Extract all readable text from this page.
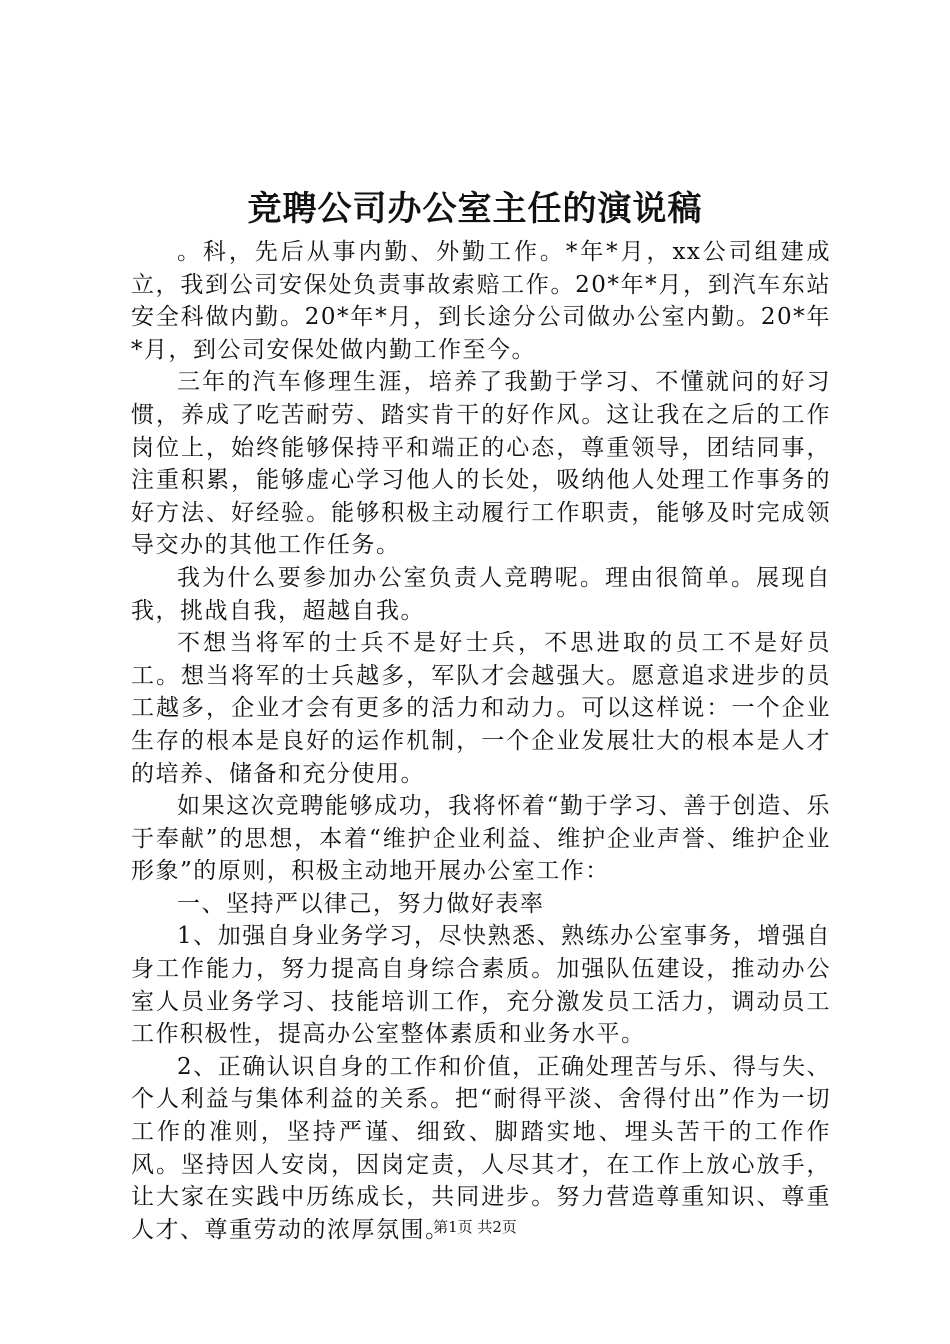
竞聘公司办公室主任的演说稿

。科，先后从事内勤、外勤工作。*年*月，xx公司组建成立，我到公司安保处负责事故索赔工作。20*年*月，到汽车东站安全科做内勤。20*年*月，到长途分公司做办公室内勤。20*年*月，到公司安保处做内勤工作至今。

三年的汽车修理生涯，培养了我勤于学习、不懂就问的好习惯，养成了吃苦耐劳、踏实肯干的好作风。这让我在之后的工作岗位上，始终能够保持平和端正的心态，尊重领导，团结同事，注重积累，能够虚心学习他人的长处，吸纳他人处理工作事务的好方法、好经验。能够积极主动履行工作职责，能够及时完成领导交办的其他工作任务。

我为什么要参加办公室负责人竞聘呢。理由很简单。展现自我，挑战自我，超越自我。

不想当将军的士兵不是好士兵，不思进取的员工不是好员工。想当将军的士兵越多，军队才会越强大。愿意追求进步的员工越多，企业才会有更多的活力和动力。可以这样说：一个企业生存的根本是良好的运作机制，一个企业发展壮大的根本是人才的培养、储备和充分使用。

如果这次竞聘能够成功，我将怀着“勤于学习、善于创造、乐于奉献”的思想，本着“维护企业利益、维护企业声誉、维护企业形象”的原则，积极主动地开展办公室工作：

一、坚持严以律己，努力做好表率

1、加强自身业务学习，尽快熟悉、熟练办公室事务，增强自身工作能力，努力提高自身综合素质。加强队伍建设，推动办公室人员业务学习、技能培训工作，充分激发员工活力，调动员工工作积极性，提高办公室整体素质和业务水平。

2、正确认识自身的工作和价值，正确处理苦与乐、得与失、个人利益与集体利益的关系。把“耐得平淡、舍得付出”作为一切工作的准则，坚持严谨、细致、脚踏实地、埋头苦干的工作作风。坚持因人安岗，因岗定责，人尽其才，在工作上放心放手，让大家在实践中历练成长，共同进步。努力营造尊重知识、尊重人才、尊重劳动的浓厚氛围。

第1页 共2页
